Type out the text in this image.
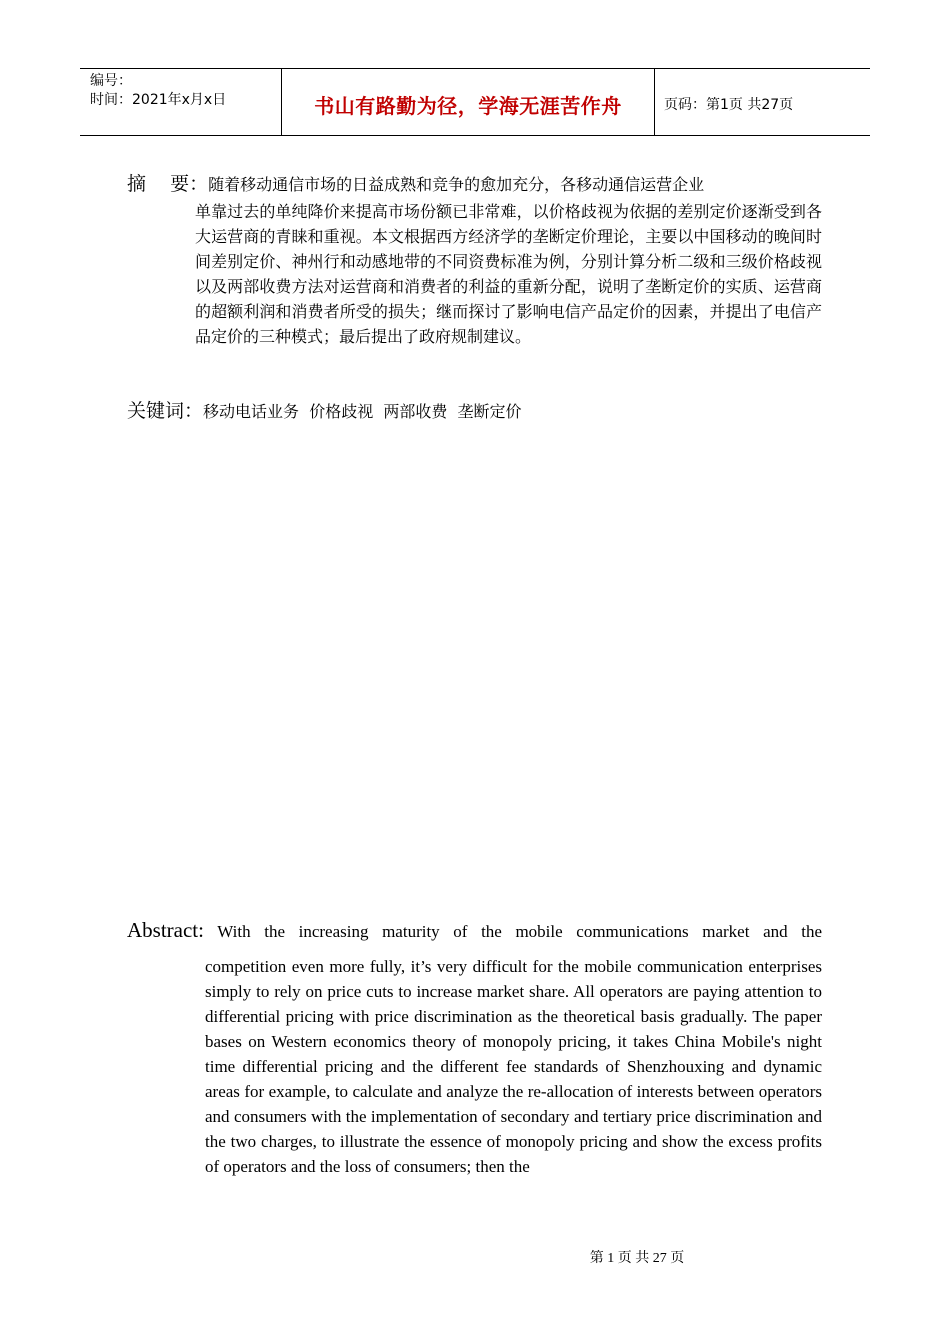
编号：
时间：2021年x月x日	书山有路勤为径，学海无涯苦作舟	页码：第1页 共27页
摘    要：随着移动通信市场的日益成熟和竞争的愈加充分，各移动通信运营企业
单靠过去的单纯降价来提高市场份额已非常难，以价格歧视为依据的差别定价逐渐受到各大运营商的青睐和重视。本文根据西方经济学的垄断定价理论，主要以中国移动的晚间时间差别定价、神州行和动感地带的不同资费标准为例，分别计算分析二级和三级价格歧视以及两部收费方法对运营商和消费者的利益的重新分配，说明了垄断定价的实质、运营商的超额利润和消费者所受的损失；继而探讨了影响电信产品定价的因素，并提出了电信产品定价的三种模式；最后提出了政府规制建议。
关键词：移动电话业务  价格歧视  两部收费  垄断定价
Abstract: With the increasing maturity of the mobile communications market and the
competition even more fully, it’s very difficult for the mobile communication enterprises simply to rely on price cuts to increase market share. All operators are paying attention to differential pricing with price discrimination as the theoretical basis gradually. The paper bases on Western economics theory of monopoly pricing, it takes China Mobile's night time differential pricing and the different fee standards of Shenzhouxing and dynamic areas for example, to calculate and analyze the re-allocation of interests between operators and consumers with the implementation of secondary and tertiary price discrimination and the two charges, to illustrate the essence of monopoly pricing and show the excess profits of operators and the loss of consumers; then the
第 1 页 共 27 页
